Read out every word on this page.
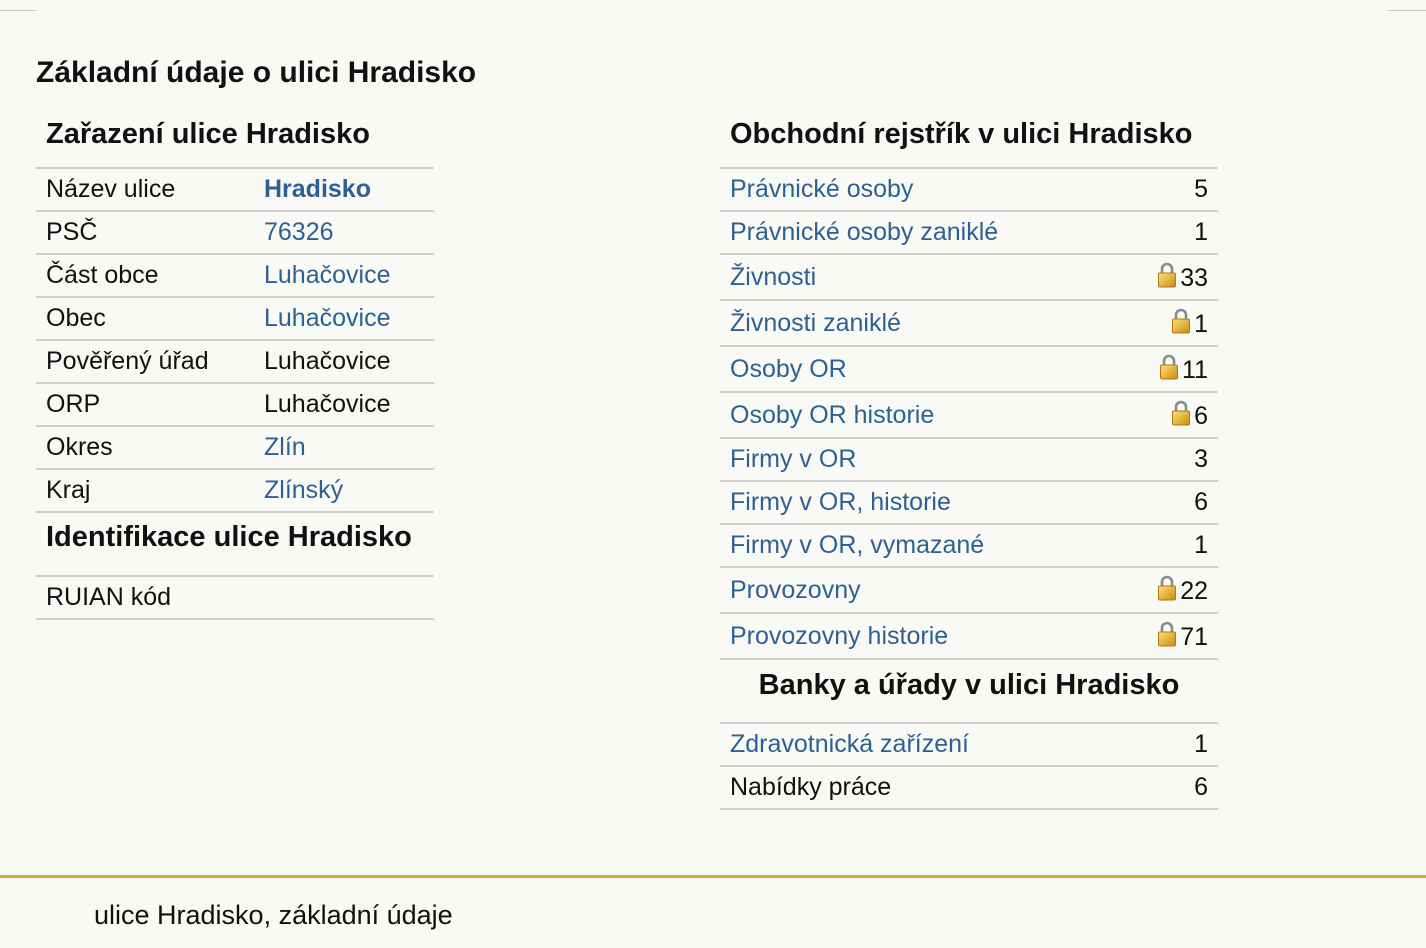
Základní údaje o ulici Hradisko
Zařazení ulice Hradisko
Název ulice	Hradisko
PSČ	76326
Část obce	Luhačovice
Obec	Luhačovice
Pověřený úřad	Luhačovice
ORP	Luhačovice
Okres	Zlín
Kraj	Zlínský
Identifikace ulice Hradisko
RUIAN kód	
Obchodní rejstřík v ulici Hradisko
Právnické osoby	5
Právnické osoby zaniklé	1
Živnosti	33
Živnosti zaniklé	1
Osoby OR	11
Osoby OR historie	6
Firmy v OR	3
Firmy v OR, historie	6
Firmy v OR, vymazané	1
Provozovny	22
Provozovny historie	71
Banky a úřady v ulici Hradisko
Zdravotnická zařízení	1
Nabídky práce	6
ulice Hradisko, základní údaje
